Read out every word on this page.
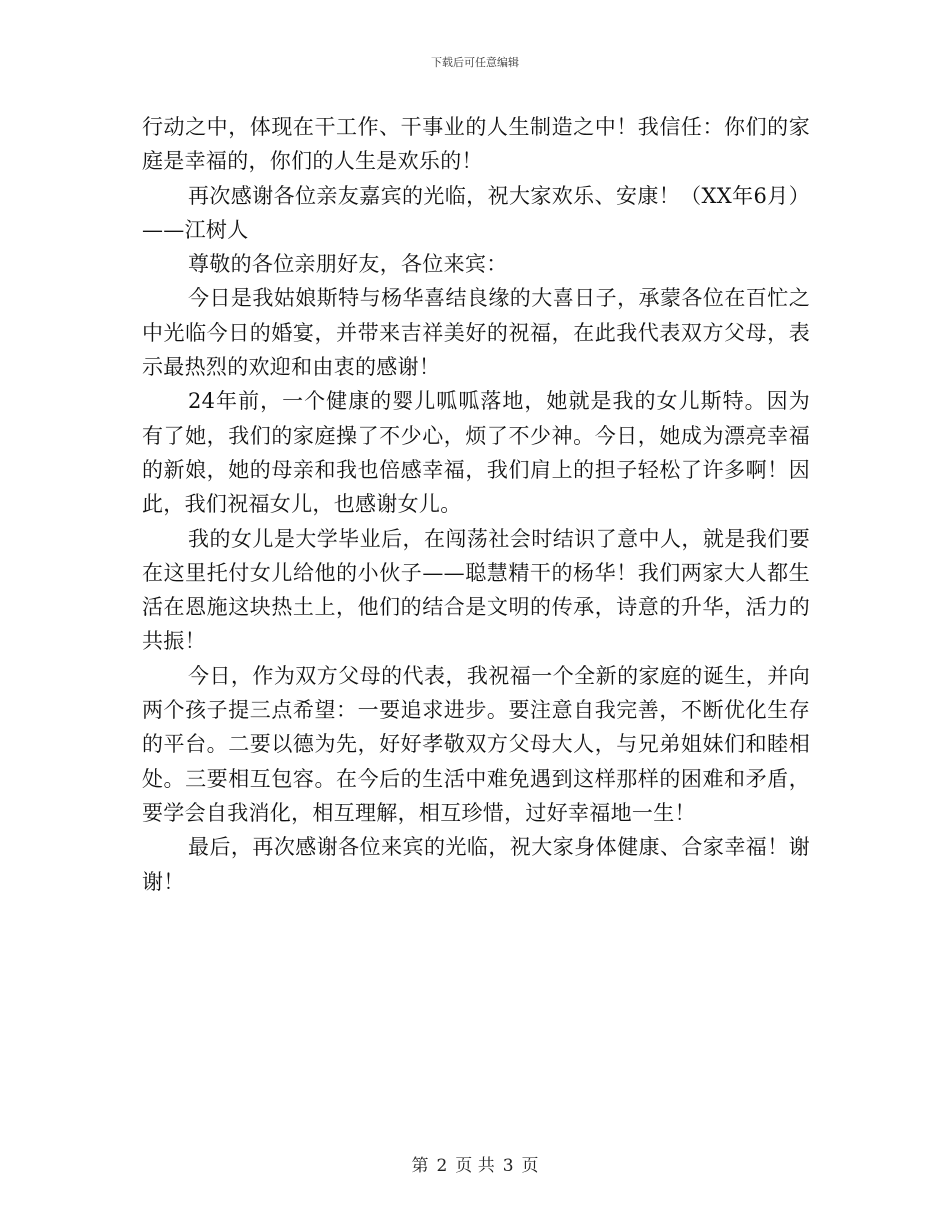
下载后可任意编辑

行动之中，体现在干工作、干事业的人生制造之中！我信任：你们的家庭是幸福的，你们的人生是欢乐的！

再次感谢各位亲友嘉宾的光临，祝大家欢乐、安康！（XX年6月）——江树人

尊敬的各位亲朋好友，各位来宾：

今日是我姑娘斯特与杨华喜结良缘的大喜日子，承蒙各位在百忙之中光临今日的婚宴，并带来吉祥美好的祝福，在此我代表双方父母，表示最热烈的欢迎和由衷的感谢！

24年前，一个健康的婴儿呱呱落地，她就是我的女儿斯特。因为有了她，我们的家庭操了不少心，烦了不少神。今日，她成为漂亮幸福的新娘，她的母亲和我也倍感幸福，我们肩上的担子轻松了许多啊！因此，我们祝福女儿，也感谢女儿。

我的女儿是大学毕业后，在闯荡社会时结识了意中人，就是我们要在这里托付女儿给他的小伙子——聪慧精干的杨华！我们两家大人都生活在恩施这块热土上，他们的结合是文明的传承，诗意的升华，活力的共振！

今日，作为双方父母的代表，我祝福一个全新的家庭的诞生，并向两个孩子提三点希望：一要追求进步。要注意自我完善，不断优化生存的平台。二要以德为先，好好孝敬双方父母大人，与兄弟姐妹们和睦相处。三要相互包容。在今后的生活中难免遇到这样那样的困难和矛盾，要学会自我消化，相互理解，相互珍惜，过好幸福地一生！

最后，再次感谢各位来宾的光临，祝大家身体健康、合家幸福！谢谢！

第 2 页 共 3 页
